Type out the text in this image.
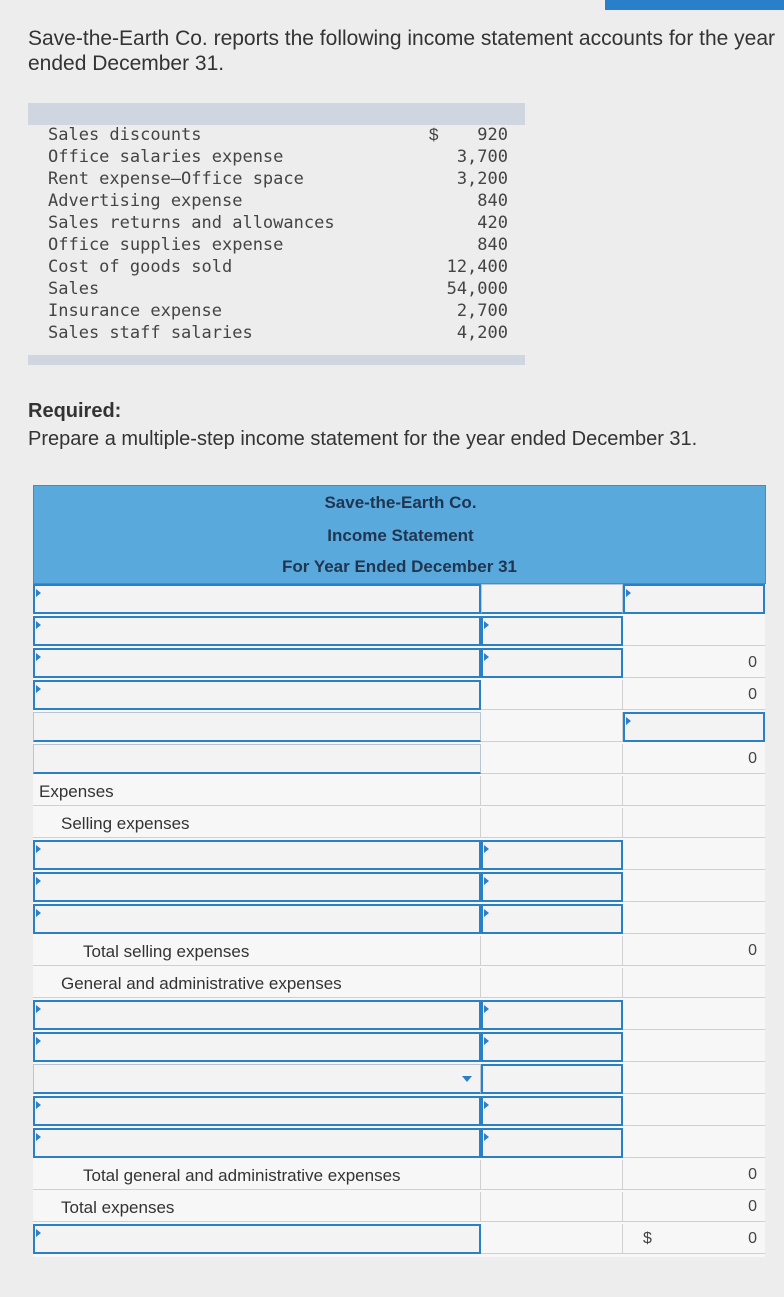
Save-the-Earth Co. reports the following income statement accounts for the year ended December 31.
Sales discounts	$ 920
Office salaries expense	3,700
Rent expense—Office space	3,200
Advertising expense	840
Sales returns and allowances	420
Office supplies expense	840
Cost of goods sold	12,400
Sales	54,000
Insurance expense	2,700
Sales staff salaries	4,200
Required:
Prepare a multiple-step income statement for the year ended December 31.
Save-the-Earth Co.
Income Statement
For Year Ended December 31
0
0
0
Expenses
Selling expenses
Total selling expenses	0
General and administrative expenses
Total general and administrative expenses	0
Total expenses	0
$	0
